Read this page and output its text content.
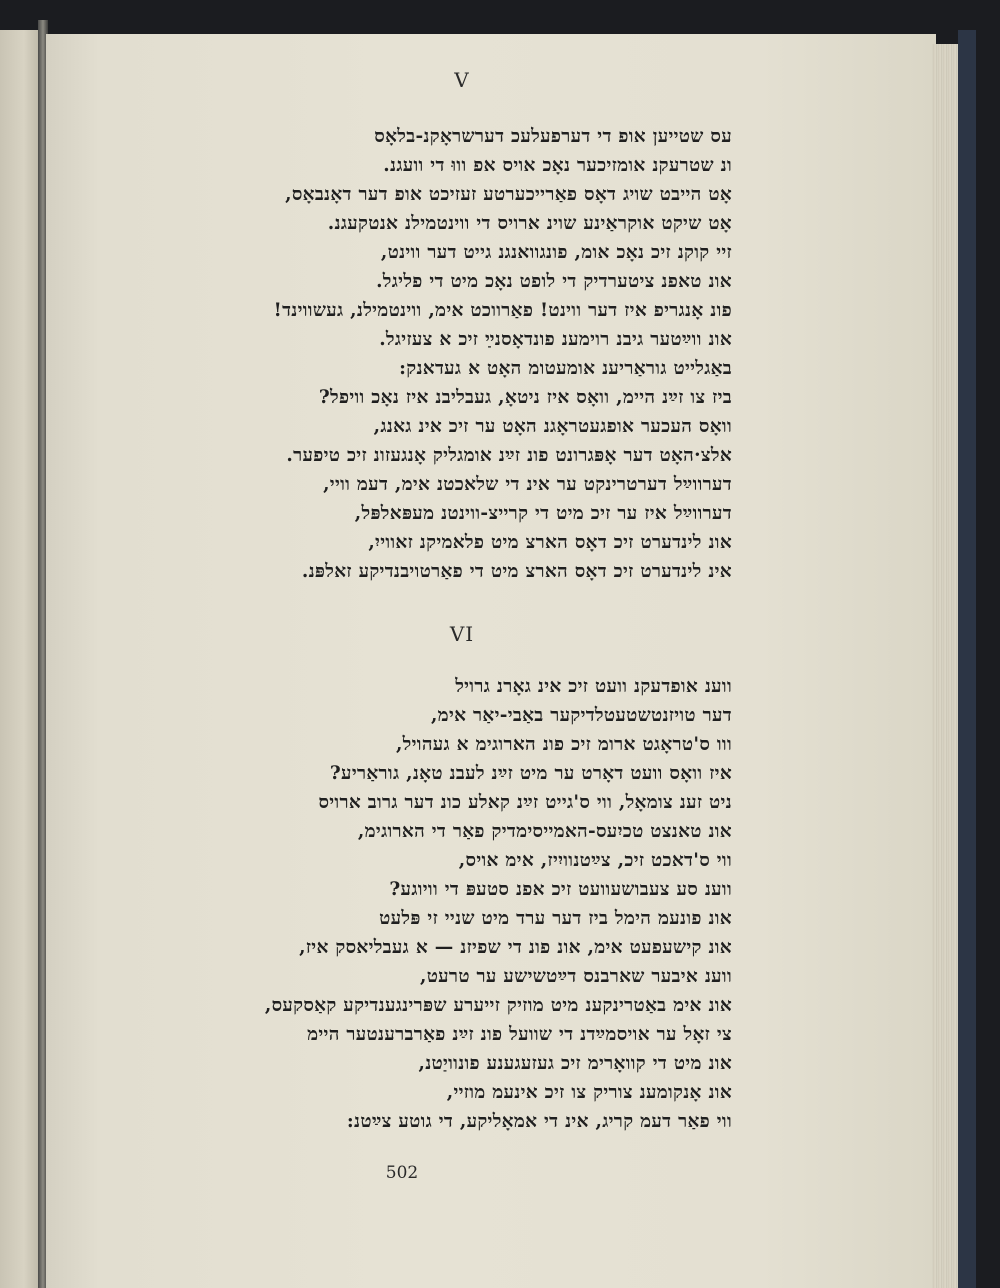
V
עס שטייען אופ די דערפעלעכ דערשראָקנ-בלאָס
ונ שטרעקנ אומזיכער נאָכ אויס אפ וווּ די וועגנ.
אָט הייבט שויג דאָס פאַרייכערטע זעזיכט אופ דער דאָנבאָס,
אָט שיקט אוקראַינע שוינ ארויס די ווינטמילנ אנטקעגנ.
זיי קוקנ זיכ נאָכ אומ, פונגוואנגנ גייט דער ווינט,
אונ טאפנ ציטערדיק די לופט נאָכ מיט די פליגל.
פונ אָנגריפ איז דער ווינט! פאַרווכט אימ, ווינטמילנ, געשווינד!
אונ ווײַטער גיבנ רוימענ פונדאָסנײַ זיכ א צעזיגל.
באַגלייט גוראַריענ אומעטומ האָט א געדאנק:
ביז צו זײַנ היימ, וואָס איז ניטאָ, געבליבנ איז נאָכ וויפל?
וואָס העכער אופגעטראָגנ האָט ער זיכ אינ גאנג,
אלצ·האָט דער אָפּגרונט פונ זײַנ אומגליק אָנגעזונ זיכ טיפער.
דערווײַל דערטרינקט ער אינ די שלאכטנ אימ, דעמ וויי,
דערווײַל איז ער זיכ מיט די קרייצ-ווינטנ מעפּאלפּל,
אונ לינדערט זיכ דאָס הארצ מיט פלאמיקנ זאווייִ,
אינ לינדערט זיכ דאָס הארצ מיט די פאַרטויבנדיקע זאלפּנ.
VI
ווענ אופדעקנ וועט זיכ אינ גאָרנ גרויל
דער טויזנטשטעטלדיקער באַבי-יאַר אימ,
ווו ס'טראָגט ארומ זיכ פונ הארוגימ א געהויל,
איז וואָס וועט דאָרט ער מיט זײַנ לעבנ טאָנ, גוראַריע?
ניט זענ צומאָל, ווי ס'גייט זײַנ קאלע כונ דער גרוב ארויס
אונ טאנצט טכיִעס-האמייסימדיק פאַר די הארוגימ,
ווי ס'דאכט זיכ, צײַטנוויִיז, אימ אויס,
ווענ סע צעבושעוועט זיכ אפנ סטעפּ די וויוגע?
אונ פונעמ הימל ביז דער ערד מיט שניי זי פּלעט
אונ קישעפעט אימ, אונ פונ די שפיזנ — א געבליאסק איז,
ווענ איבער שארבנס דײַטשישע ער טרעט,
אונ אימ באַטרינקענ מיט מוזיק זייערע שפּרינגענדיקע קאַסקעס,
צי זאָל ער אויסמײַדנ די שוועל פונ זײַנ פאַרברענטער היימ
אונ מיט די קוואָרימ זיכ געזעגענע פונוויַטנ,
אונ אָנקומענ צוריק צו זיכ אינעמ מוזיי,
ווי פאַר דעמ קריג, אינ די אמאָליקע, די גוטע צײַטנ:
502
